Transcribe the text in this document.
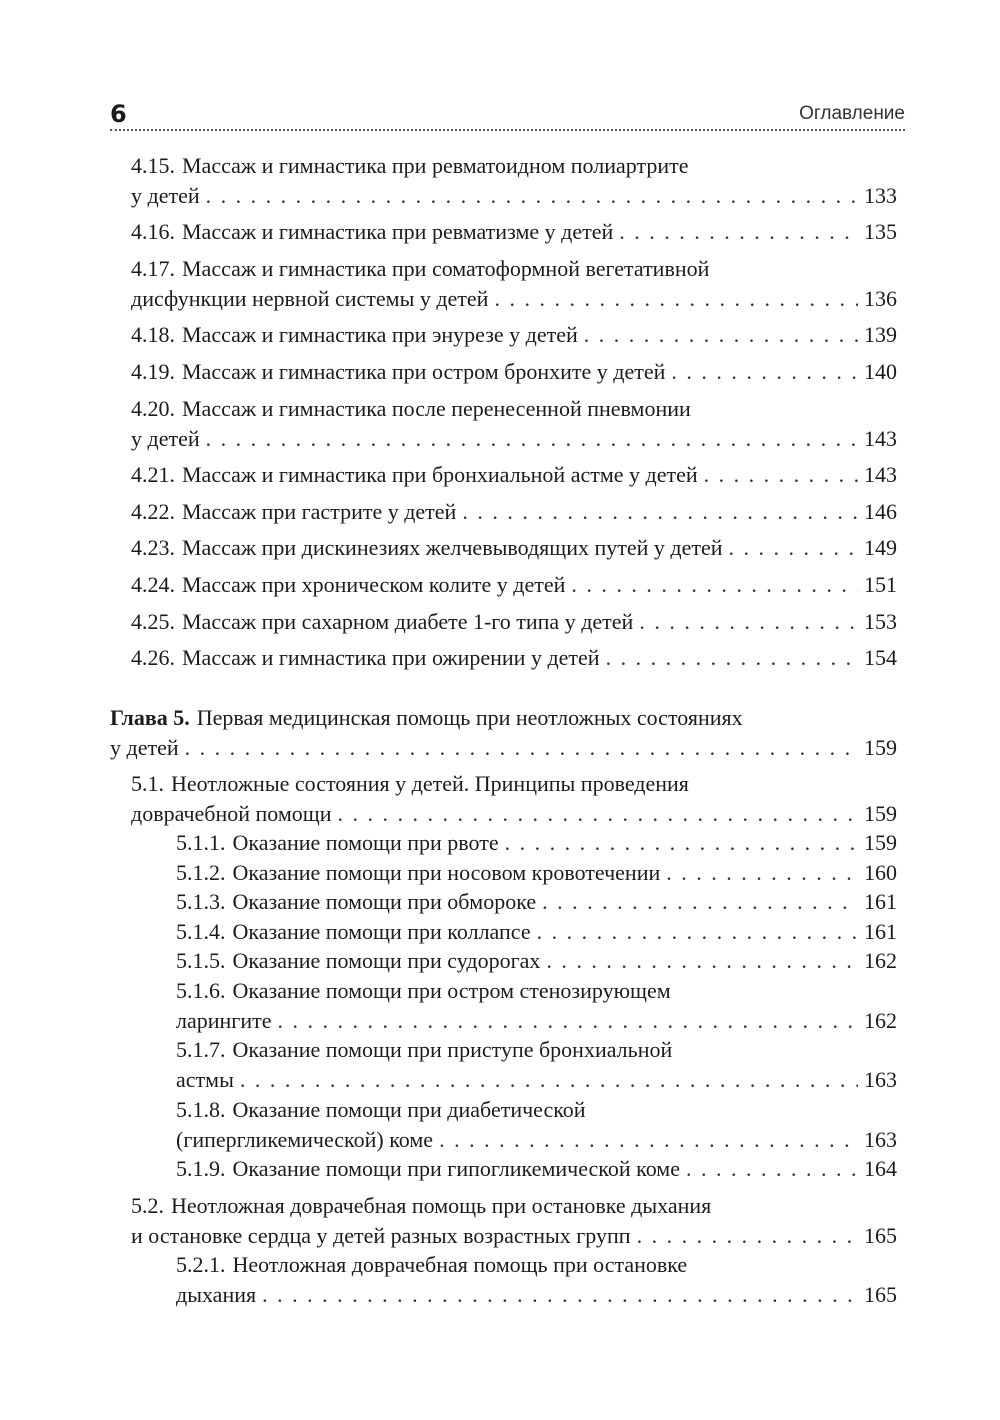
6	Оглавление
4.15. Массаж и гимнастика при ревматоидном полиартрите
у детей . . .	133
4.16. Массаж и гимнастика при ревматизме у детей . . .	135
4.17. Массаж и гимнастика при соматоформной вегетативной
дисфункции нервной системы у детей . . .	136
4.18. Массаж и гимнастика при энурезе у детей . . .	139
4.19. Массаж и гимнастика при остром бронхите у детей . . .	140
4.20. Массаж и гимнастика после перенесенной пневмонии
у детей . . .	143
4.21. Массаж и гимнастика при бронхиальной астме у детей . . .	143
4.22. Массаж при гастрите у детей . . .	146
4.23. Массаж при дискинезиях желчевыводящих путей у детей . . .	149
4.24. Массаж при хроническом колите у детей . . .	151
4.25. Массаж при сахарном диабете 1-го типа у детей . . .	153
4.26. Массаж и гимнастика при ожирении у детей . . .	154
Глава 5. Первая медицинская помощь при неотложных состояниях
у детей . . .	159
5.1. Неотложные состояния у детей. Принципы проведения
доврачебной помощи . . .	159
5.1.1. Оказание помощи при рвоте . . .	159
5.1.2. Оказание помощи при носовом кровотечении . . .	160
5.1.3. Оказание помощи при обмороке . . .	161
5.1.4. Оказание помощи при коллапсе . . .	161
5.1.5. Оказание помощи при судорогах . . .	162
5.1.6. Оказание помощи при остром стенозирующем
ларингите . . .	162
5.1.7. Оказание помощи при приступе бронхиальной
астмы . . .	163
5.1.8. Оказание помощи при диабетической
(гипергликемической) коме . . .	163
5.1.9. Оказание помощи при гипогликемической коме . . .	164
5.2. Неотложная доврачебная помощь при остановке дыхания
и остановке сердца у детей разных возрастных групп . . .	165
5.2.1. Неотложная доврачебная помощь при остановке
дыхания . . .	165
